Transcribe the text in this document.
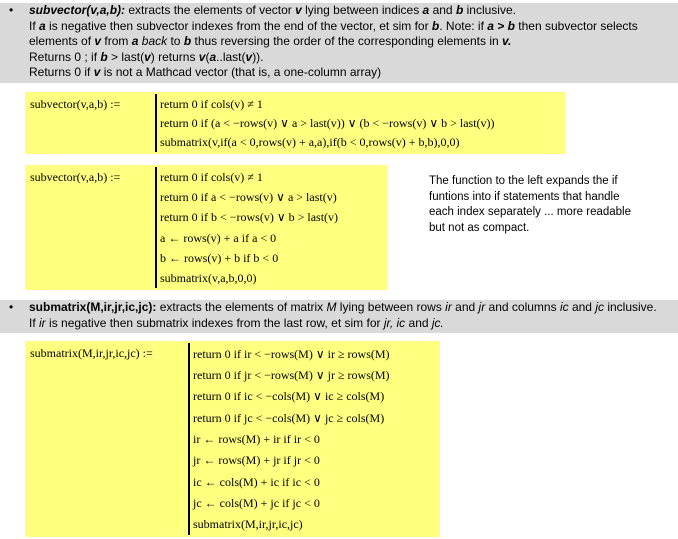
• subvector(v,a,b): extracts the elements of vector v lying between indices a and b inclusive.
If a is negative then subvector indexes from the end of the vector, et sim for b. Note: if a > b then subvector selects
elements of v from a back to b thus reversing the order of the corresponding elements in v.
Returns 0 ; if b > last(v) returns v(a..last(v)).
Returns 0 if v is not a Mathcad vector (that is, a one-column array)
subvector(v,a,b) :=	return 0 if cols(v) ≠ 1
return 0 if (a < −rows(v) ∨ a > last(v)) ∨ (b < −rows(v) ∨ b > last(v))
submatrix(v,if(a < 0,rows(v) + a,a),if(b < 0,rows(v) + b,b),0,0)
subvector(v,a,b) :=	return 0 if cols(v) ≠ 1
return 0 if a < −rows(v) ∨ a > last(v)
return 0 if b < −rows(v) ∨ b > last(v)
a ← rows(v) + a if a < 0
b ← rows(v) + b if b < 0
submatrix(v,a,b,0,0)
The function to the left expands the if
funtions into if statements that handle
each index separately ... more readable
but not as compact.
• submatrix(M,ir,jr,ic,jc): extracts the elements of matrix M lying between rows ir and jr and columns ic and jc inclusive.
If ir is negative then submatrix indexes from the last row, et sim for jr, ic and jc.
submatrix(M,ir,jr,ic,jc) :=	return 0 if ir < −rows(M) ∨ ir ≥ rows(M)
return 0 if jr < −rows(M) ∨ jr ≥ rows(M)
return 0 if ic < −cols(M) ∨ ic ≥ cols(M)
return 0 if jc < −cols(M) ∨ jc ≥ cols(M)
ir ← rows(M) + ir if ir < 0
jr ← rows(M) + jr if jr < 0
ic ← cols(M) + ic if ic < 0
jc ← cols(M) + jc if jc < 0
submatrix(M,ir,jr,ic,jc)
